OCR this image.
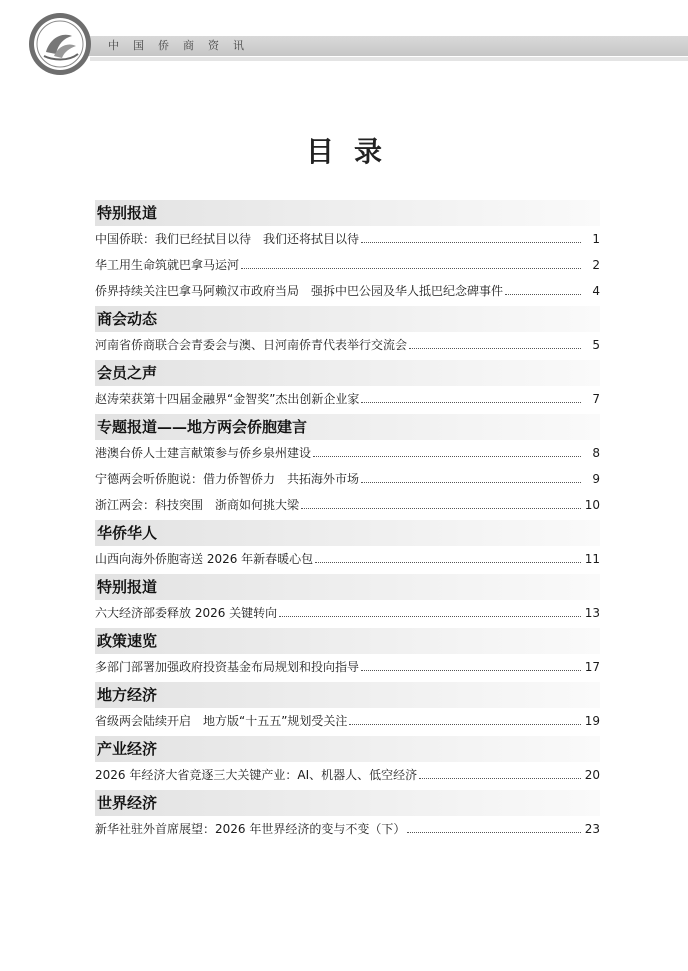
中国侨商资讯
目录
特别报道
中国侨联：我们已经拭目以待　我们还将拭目以待	1
华工用生命筑就巴拿马运河	2
侨界持续关注巴拿马阿赖汉市政府当局　强拆中巴公园及华人抵巴纪念碑事件	4
商会动态
河南省侨商联合会青委会与澳、日河南侨青代表举行交流会	5
会员之声
赵涛荣获第十四届金融界“金智奖”杰出创新企业家	7
专题报道——地方两会侨胞建言
港澳台侨人士建言献策参与侨乡泉州建设	8
宁德两会听侨胞说：借力侨智侨力　共拓海外市场	9
浙江两会：科技突围　浙商如何挑大梁	10
华侨华人
山西向海外侨胞寄送 2026 年新春暖心包	11
特别报道
六大经济部委释放 2026 关键转向	13
政策速览
多部门部署加强政府投资基金布局规划和投向指导	17
地方经济
省级两会陆续开启　地方版“十五五”规划受关注	19
产业经济
2026 年经济大省竞逐三大关键产业：AI、机器人、低空经济	20
世界经济
新华社驻外首席展望：2026 年世界经济的变与不变（下）	23
